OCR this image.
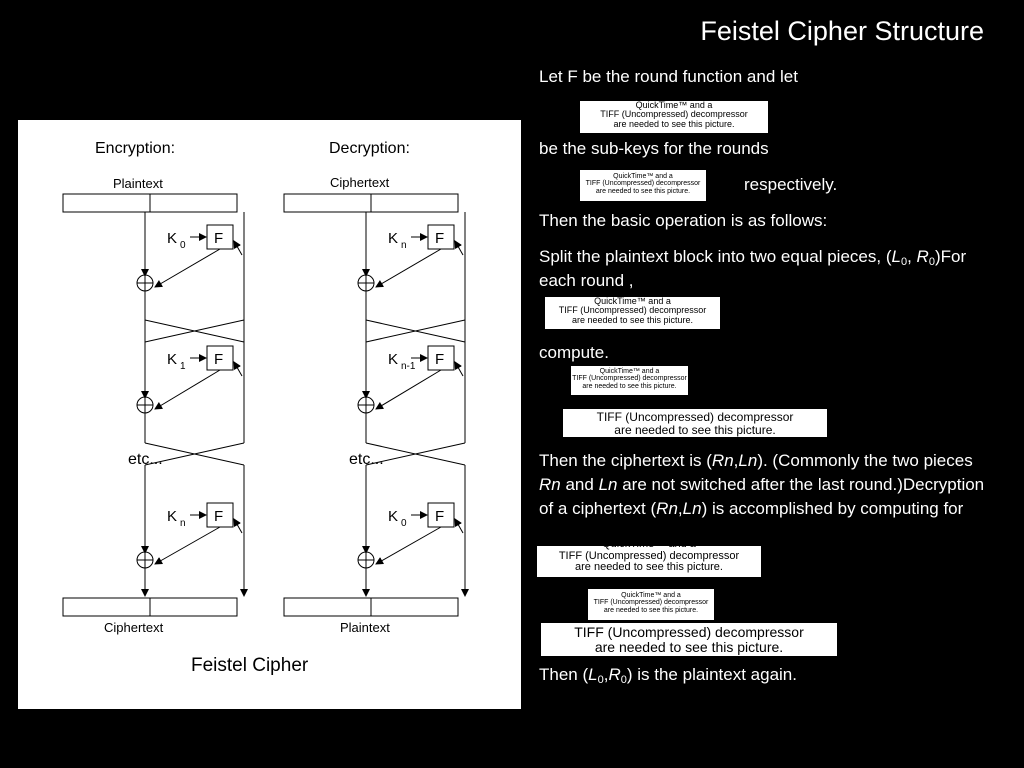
Feistel Cipher Structure
Encryption:	Decryption:
Plaintext	Ciphertext
Ciphertext	Plaintext
etc...	etc...
Feistel Cipher
F
K 0
F
K 1
F
K n
F
K n
F
K n-1
F
K 0
Let F be the round function and let
QuickTime™ and a
TIFF (Uncompressed) decompressor
are needed to see this picture.
be the sub-keys for the rounds
QuickTime™ and a
TIFF (Uncompressed) decompressor
are needed to see this picture.	respectively.
Then the basic operation is as follows:
Split the plaintext block into two equal pieces, ($L_0$, $R_0)For$ each round ,
QuickTime™ and a
TIFF (Uncompressed) decompressor
are needed to see this picture.
compute.
QuickTime™ and a
TIFF (Uncompressed) decompressor
are needed to see this picture.
TIFF (Uncompressed) decompressor
are needed to see this picture.
Then the ciphertext is (Rn,Ln). (Commonly the two pieces Rn and Ln are not switched after the last round.)Decryption of a ciphertext (Rn,Ln) is accomplished by computing for
QuickTime™ and a
TIFF (Uncompressed) decompressor
are needed to see this picture.
QuickTime™ and a
TIFF (Uncompressed) decompressor
are needed to see this picture.
TIFF (Uncompressed) decompressor
are needed to see this picture.
Then $(L_0,R_0)$ is the plaintext again.
